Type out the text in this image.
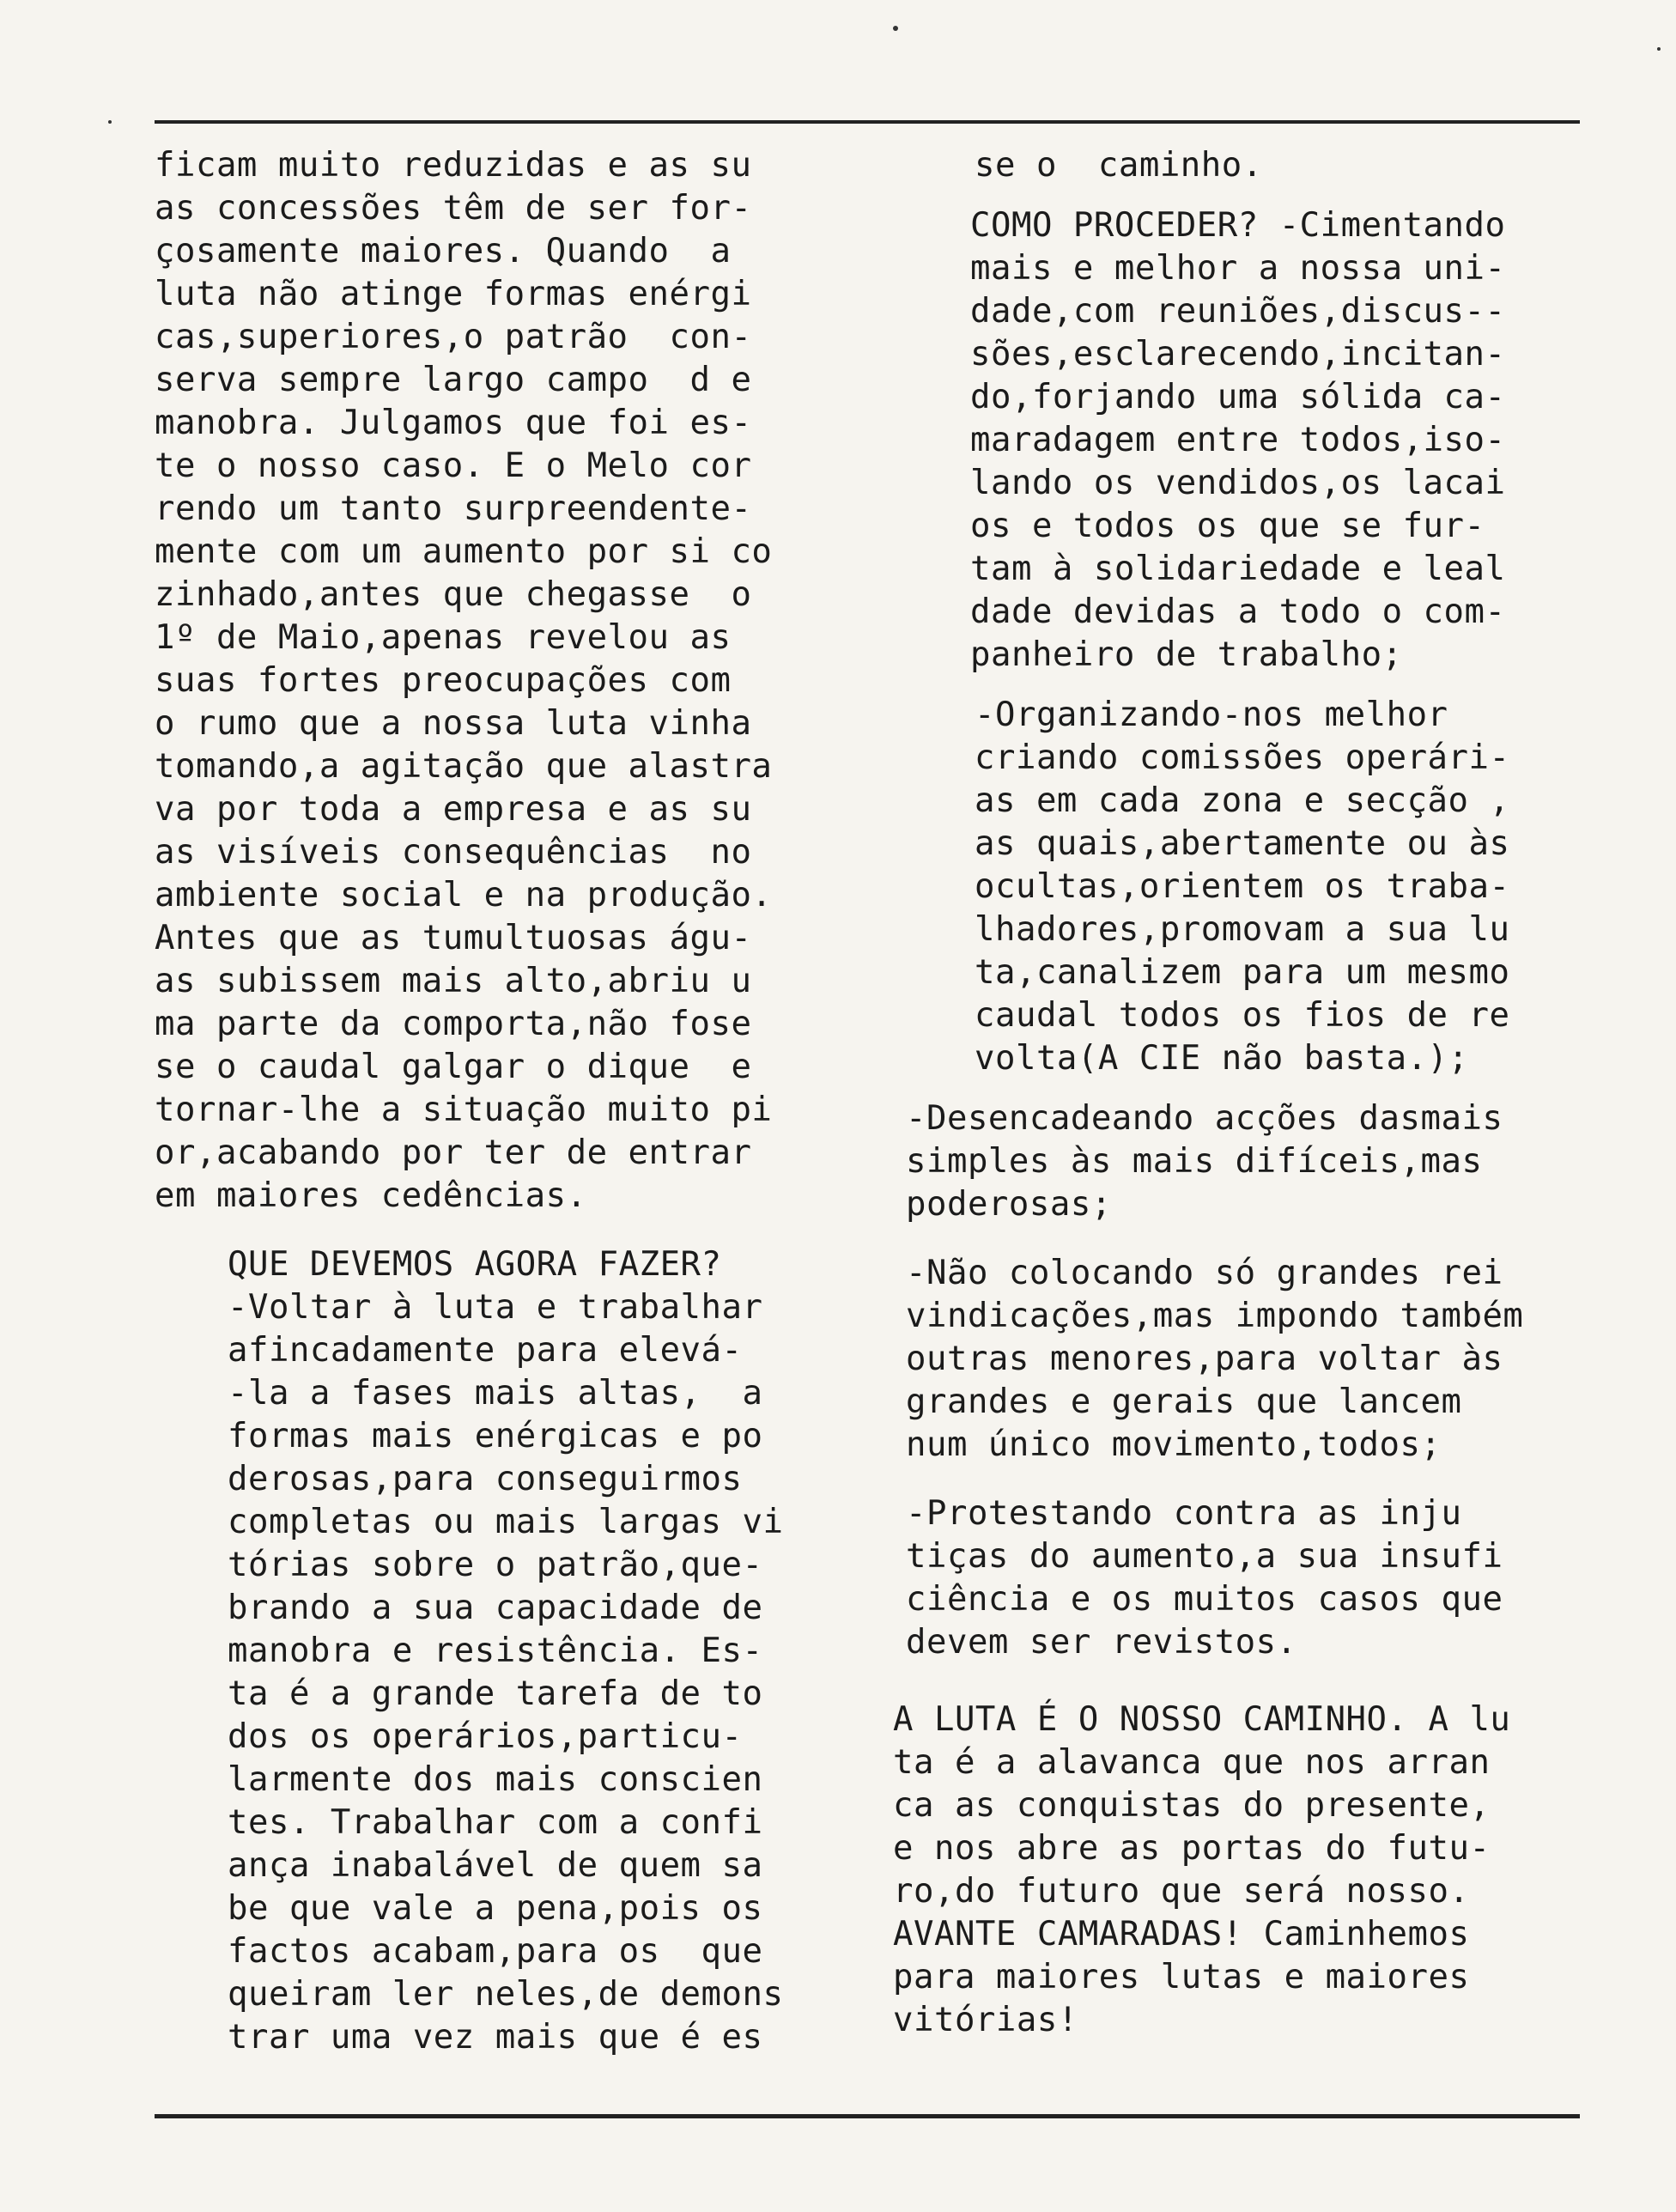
ficam muito reduzidas e as su
as concessões têm de ser for-
çosamente maiores. Quando  a
luta não atinge formas enérgi
cas,superiores,o patrão  con-
serva sempre largo campo  d e
manobra. Julgamos que foi es-
te o nosso caso. E o Melo cor
rendo um tanto surpreendente-
mente com um aumento por si co
zinhado,antes que chegasse  o
1º de Maio,apenas revelou as
suas fortes preocupações com
o rumo que a nossa luta vinha
tomando,a agitação que alastra
va por toda a empresa e as su
as visíveis consequências  no
ambiente social e na produção.
Antes que as tumultuosas águ-
as subissem mais alto,abriu u
ma parte da comporta,não fose
se o caudal galgar o dique  e
tornar-lhe a situação muito pi
or,acabando por ter de entrar
em maiores cedências.
QUE DEVEMOS AGORA FAZER?
-Voltar à luta e trabalhar
afincadamente para elevá-
-la a fases mais altas,  a
formas mais enérgicas e po
derosas,para conseguirmos
completas ou mais largas vi
tórias sobre o patrão,que-
brando a sua capacidade de
manobra e resistência. Es-
ta é a grande tarefa de to
dos os operários,particu-
larmente dos mais conscien
tes. Trabalhar com a confi
ança inabalável de quem sa
be que vale a pena,pois os
factos acabam,para os  que
queiram ler neles,de demons
trar uma vez mais que é es
se o  caminho.
COMO PROCEDER? -Cimentando
mais e melhor a nossa uni-
dade,com reuniões,discus--
sões,esclarecendo,incitan-
do,forjando uma sólida ca-
maradagem entre todos,iso-
lando os vendidos,os lacai
os e todos os que se fur-
tam à solidariedade e leal
dade devidas a todo o com-
panheiro de trabalho;
-Organizando-nos melhor
criando comissões operári-
as em cada zona e secção ,
as quais,abertamente ou às
ocultas,orientem os traba-
lhadores,promovam a sua lu
ta,canalizem para um mesmo
caudal todos os fios de re
volta(A CIE não basta.);
-Desencadeando acções dasmais
simples às mais difíceis,mas
poderosas;
-Não colocando só grandes rei
vindicações,mas impondo também
outras menores,para voltar às
grandes e gerais que lancem
num único movimento,todos;
-Protestando contra as inju
tiças do aumento,a sua insufi
ciência e os muitos casos que
devem ser revistos.
A LUTA É O NOSSO CAMINHO. A lu
ta é a alavanca que nos arran
ca as conquistas do presente,
e nos abre as portas do futu-
ro,do futuro que será nosso.
AVANTE CAMARADAS! Caminhemos
para maiores lutas e maiores
vitórias!
